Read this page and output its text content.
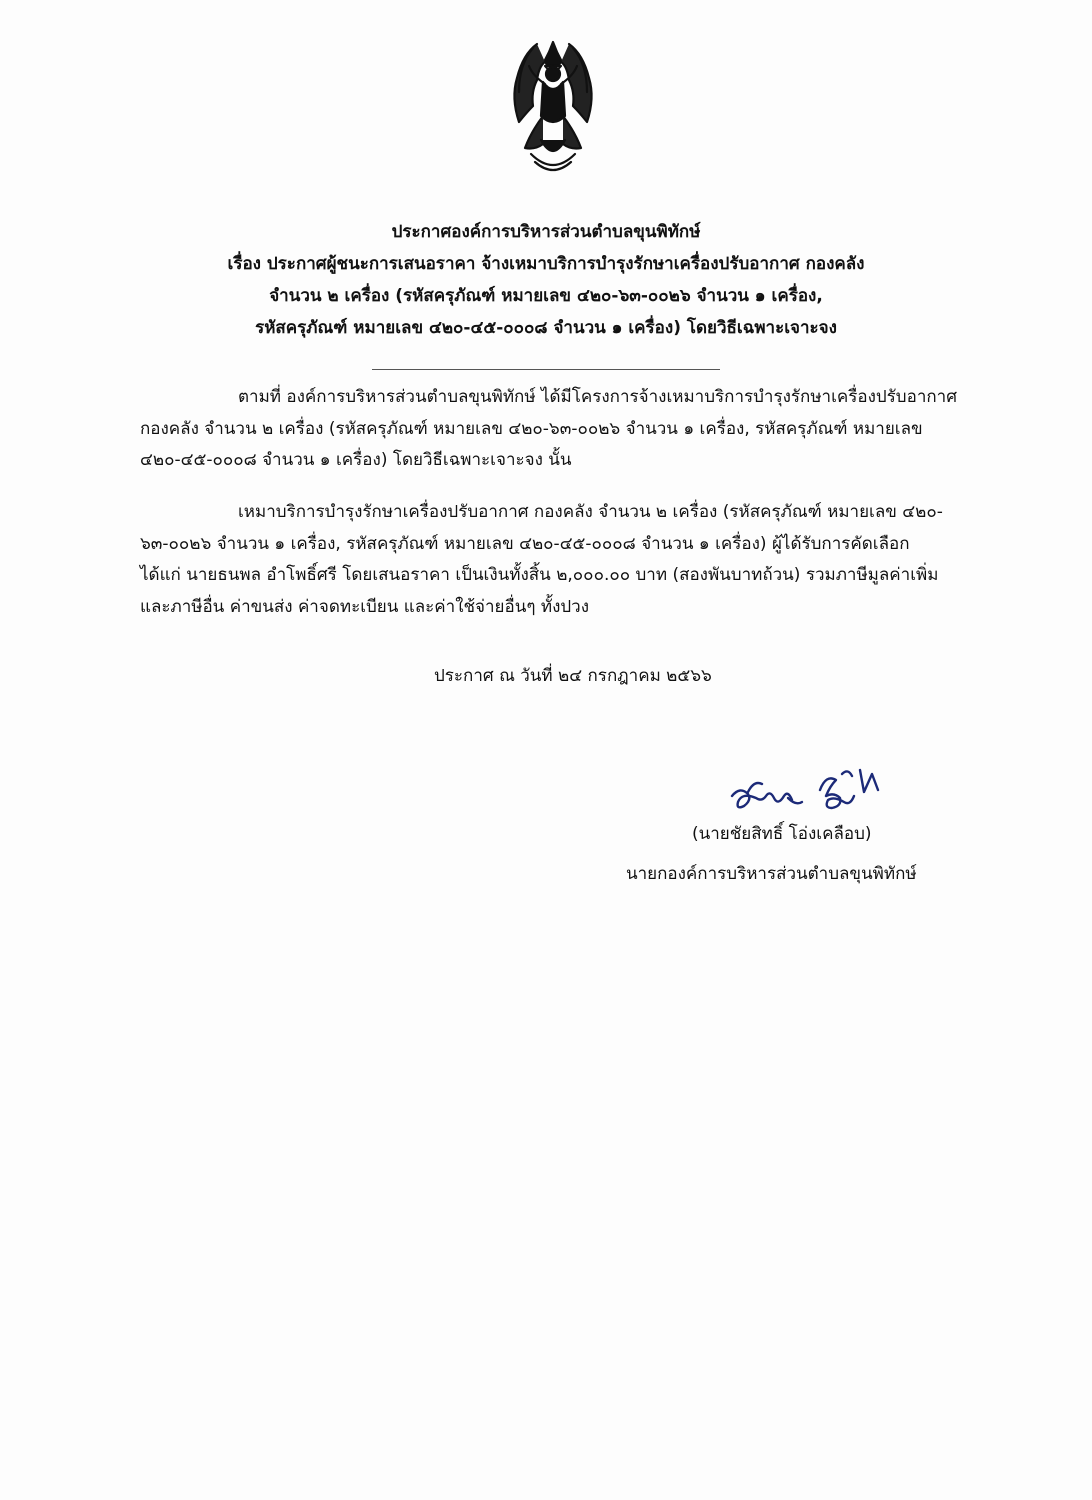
ประกาศองค์การบริหารส่วนตำบลขุนพิทักษ์
เรื่อง ประกาศผู้ชนะการเสนอราคา จ้างเหมาบริการบำรุงรักษาเครื่องปรับอากาศ กองคลัง
จำนวน ๒ เครื่อง (รหัสครุภัณฑ์ หมายเลข ๔๒๐-๖๓-๐๐๒๖ จำนวน ๑ เครื่อง,
รหัสครุภัณฑ์ หมายเลข ๔๒๐-๔๕-๐๐๐๘ จำนวน ๑ เครื่อง) โดยวิธีเฉพาะเจาะจง
ตามที่ องค์การบริหารส่วนตำบลขุนพิทักษ์ ได้มีโครงการจ้างเหมาบริการบำรุงรักษาเครื่องปรับอากาศ
กองคลัง จำนวน ๒ เครื่อง (รหัสครุภัณฑ์ หมายเลข ๔๒๐-๖๓-๐๐๒๖ จำนวน ๑ เครื่อง, รหัสครุภัณฑ์ หมายเลข
๔๒๐-๔๕-๐๐๐๘ จำนวน ๑ เครื่อง) โดยวิธีเฉพาะเจาะจง นั้น
เหมาบริการบำรุงรักษาเครื่องปรับอากาศ กองคลัง จำนวน ๒ เครื่อง (รหัสครุภัณฑ์ หมายเลข ๔๒๐-
๖๓-๐๐๒๖ จำนวน ๑ เครื่อง, รหัสครุภัณฑ์ หมายเลข ๔๒๐-๔๕-๐๐๐๘ จำนวน ๑ เครื่อง) ผู้ได้รับการคัดเลือก
ได้แก่ นายธนพล อำโพธิ์ศรี โดยเสนอราคา เป็นเงินทั้งสิ้น ๒,๐๐๐.๐๐ บาท (สองพันบาทถ้วน) รวมภาษีมูลค่าเพิ่ม
และภาษีอื่น ค่าขนส่ง ค่าจดทะเบียน และค่าใช้จ่ายอื่นๆ ทั้งปวง
ประกาศ ณ วันที่ ๒๔ กรกฎาคม ๒๕๖๖
(นายชัยสิทธิ์ โอ่งเคลือบ)
นายกองค์การบริหารส่วนตำบลขุนพิทักษ์
